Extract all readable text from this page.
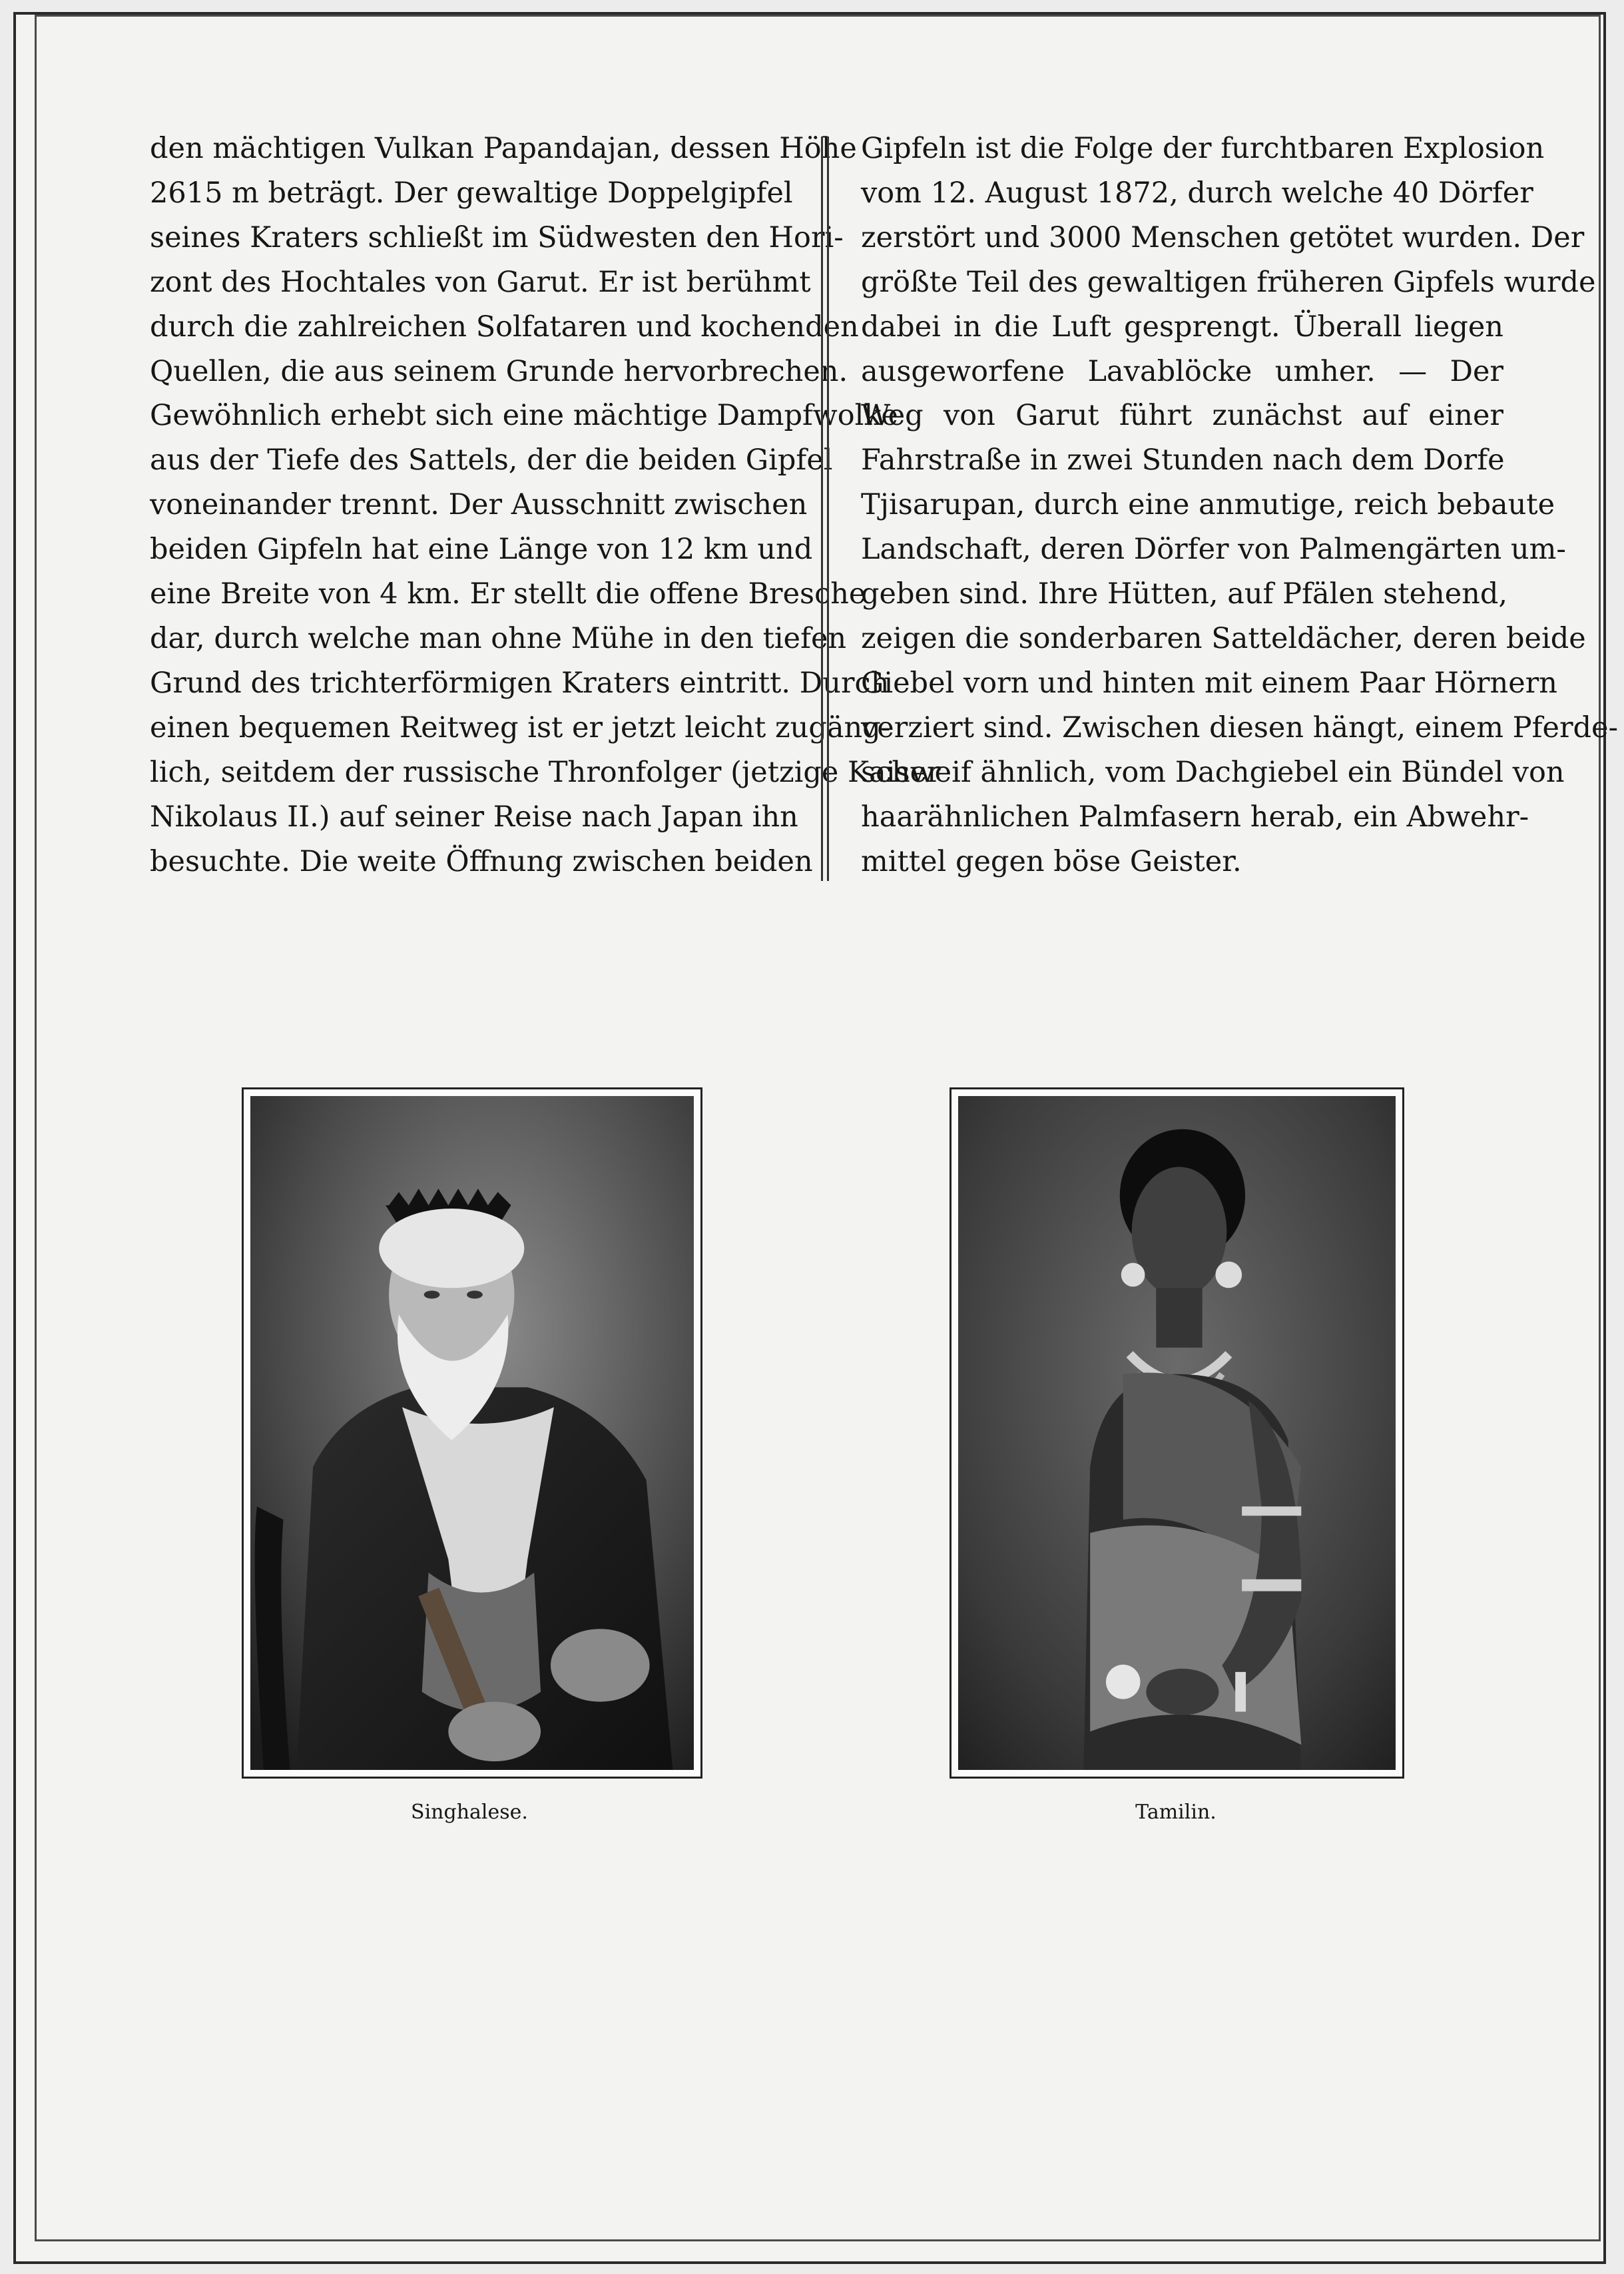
den mächtigen Vulkan Papandajan, dessen Höhe
2615 m beträgt. Der gewaltige Doppelgipfel
seines Kraters schließt im Südwesten den Hori-
zont des Hochtales von Garut. Er ist berühmt
durch die zahlreichen Solfataren und kochenden
Quellen, die aus seinem Grunde hervorbrechen.
Gewöhnlich erhebt sich eine mächtige Dampfwolke
aus der Tiefe des Sattels, der die beiden Gipfel
voneinander trennt. Der Ausschnitt zwischen
beiden Gipfeln hat eine Länge von 12 km und
eine Breite von 4 km. Er stellt die offene Bresche
dar, durch welche man ohne Mühe in den tiefen
Grund des trichterförmigen Kraters eintritt. Durch
einen bequemen Reitweg ist er jetzt leicht zugäng-
lich, seitdem der russische Thronfolger (jetzige Kaiser
Nikolaus II.) auf seiner Reise nach Japan ihn
besuchte. Die weite Öffnung zwischen beiden
Gipfeln ist die Folge der furchtbaren Explosion
vom 12. August 1872, durch welche 40 Dörfer
zerstört und 3000 Menschen getötet wurden. Der
größte Teil des gewaltigen früheren Gipfels wurde
dabei in die Luft gesprengt. Überall liegen
ausgeworfene Lavablöcke umher. — Der
Weg von Garut führt zunächst auf einer
Fahrstraße in zwei Stunden nach dem Dorfe
Tjisarupan, durch eine anmutige, reich bebaute
Landschaft, deren Dörfer von Palmengärten um-
geben sind. Ihre Hütten, auf Pfälen stehend,
zeigen die sonderbaren Satteldächer, deren beide
Giebel vorn und hinten mit einem Paar Hörnern
verziert sind. Zwischen diesen hängt, einem Pferde-
schweif ähnlich, vom Dachgiebel ein Bündel von
haarähnlichen Palmfasern herab, ein Abwehr-
mittel gegen böse Geister.
Singhalese.	Tamilin.
